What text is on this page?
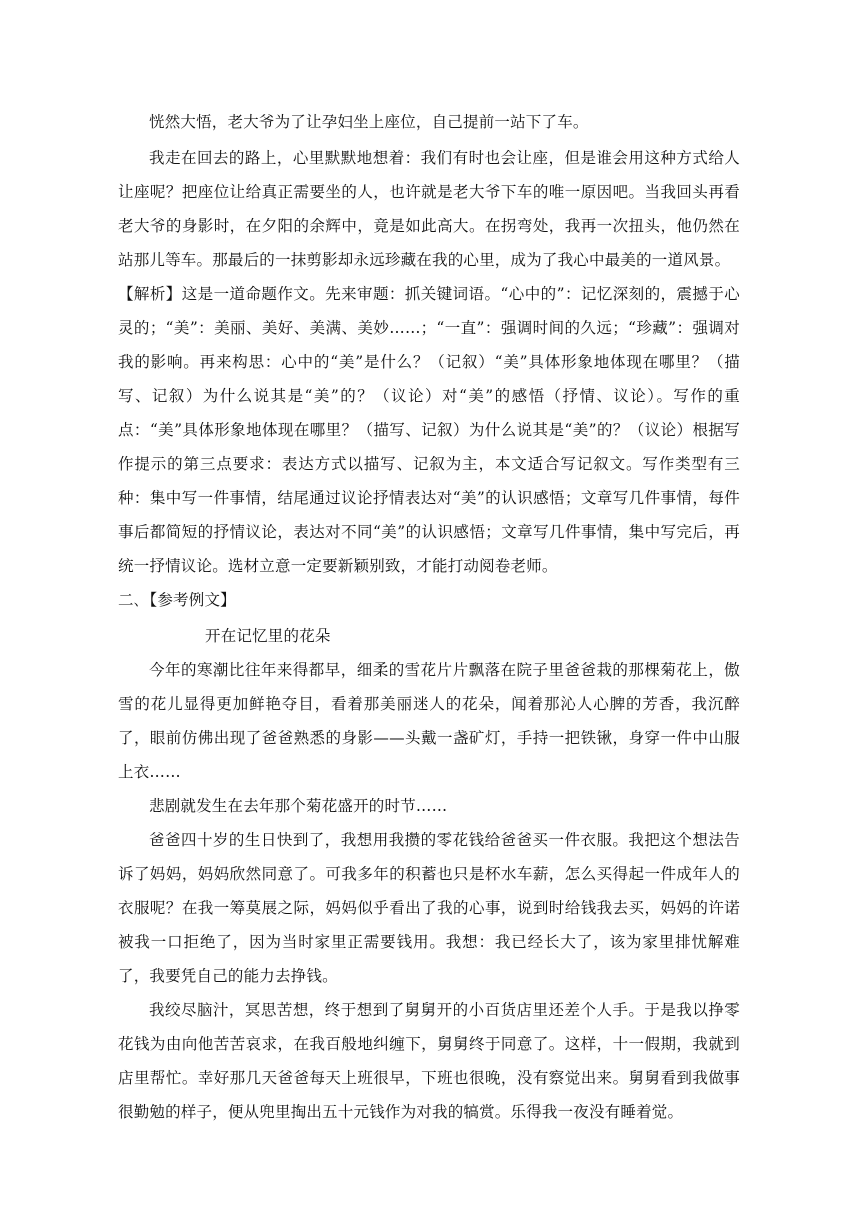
恍然大悟，老大爷为了让孕妇坐上座位，自己提前一站下了车。

我走在回去的路上，心里默默地想着：我们有时也会让座，但是谁会用这种方式给人让座呢？把座位让给真正需要坐的人，也许就是老大爷下车的唯一原因吧。当我回头再看老大爷的身影时，在夕阳的余辉中，竟是如此高大。在拐弯处，我再一次扭头，他仍然在站那儿等车。那最后的一抹剪影却永远珍藏在我的心里，成为了我心中最美的一道风景。

【解析】这是一道命题作文。先来审题：抓关键词语。“心中的”：记忆深刻的，震撼于心灵的；“美”：美丽、美好、美满、美妙……；“一直”：强调时间的久远；“珍藏”：强调对我的影响。再来构思：心中的“美”是什么？（记叙）“美”具体形象地体现在哪里？（描写、记叙）为什么说其是“美”的？（议论）对“美”的感悟（抒情、议论）。写作的重点：“美”具体形象地体现在哪里？（描写、记叙）为什么说其是“美”的？（议论）根据写作提示的第三点要求：表达方式以描写、记叙为主，本文适合写记叙文。写作类型有三种：集中写一件事情，结尾通过议论抒情表达对“美”的认识感悟；文章写几件事情，每件事后都简短的抒情议论，表达对不同“美”的认识感悟；文章写几件事情，集中写完后，再统一抒情议论。选材立意一定要新颖别致，才能打动阅卷老师。

二､【参考例文】

开在记忆里的花朵

今年的寒潮比往年来得都早，细柔的雪花片片飘落在院子里爸爸栽的那棵菊花上，傲雪的花儿显得更加鲜艳夺目，看着那美丽迷人的花朵，闻着那沁人心脾的芳香，我沉醉了，眼前仿佛出现了爸爸熟悉的身影——头戴一盏矿灯，手持一把铁锹，身穿一件中山服上衣……

悲剧就发生在去年那个菊花盛开的时节……

爸爸四十岁的生日快到了，我想用我攒的零花钱给爸爸买一件衣服。我把这个想法告诉了妈妈，妈妈欣然同意了。可我多年的积蓄也只是杯水车薪，怎么买得起一件成年人的衣服呢？在我一筹莫展之际，妈妈似乎看出了我的心事，说到时给钱我去买，妈妈的许诺被我一口拒绝了，因为当时家里正需要钱用。我想：我已经长大了，该为家里排忧解难了，我要凭自己的能力去挣钱。

我绞尽脑汁，冥思苦想，终于想到了舅舅开的小百货店里还差个人手。于是我以挣零花钱为由向他苦苦哀求，在我百般地纠缠下，舅舅终于同意了。这样，十一假期，我就到店里帮忙。幸好那几天爸爸每天上班很早，下班也很晚，没有察觉出来。舅舅看到我做事很勤勉的样子，便从兜里掏出五十元钱作为对我的犒赏。乐得我一夜没有睡着觉。
